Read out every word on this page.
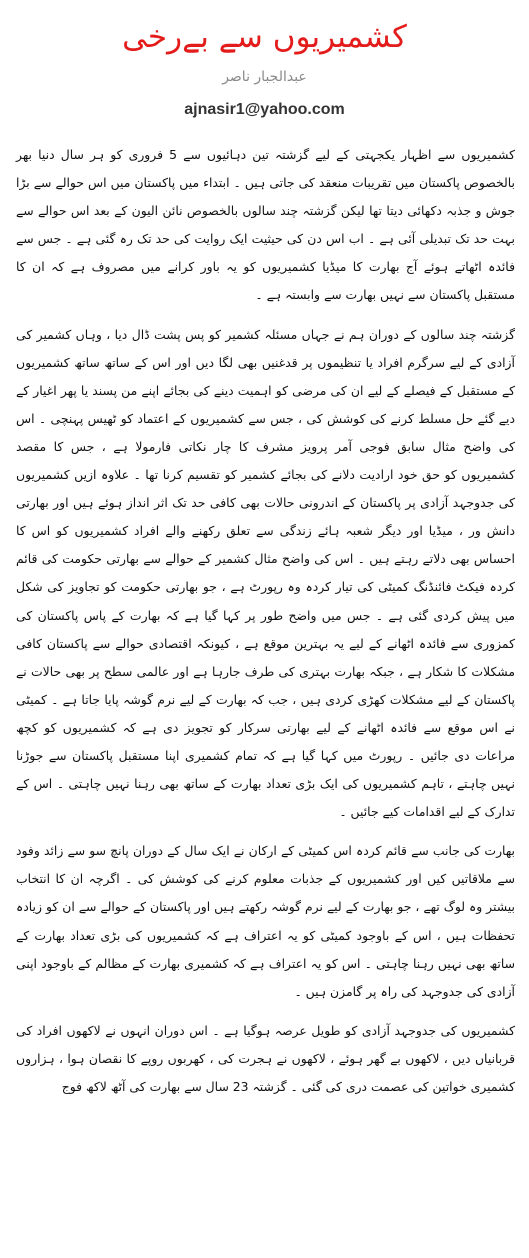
کشمیریوں سے بےرخی
عبدالجبار ناصر
ajnasir1@yahoo.com

کشمیریوں سے اظہار یکجہتی کے لیے گزشتہ تین دہائیوں سے 5 فروری کو ہر سال دنیا بھر بالخصوص پاکستان میں تقریبات منعقد کی جاتی ہیں ۔ ابتداء میں پاکستان میں اس حوالے سے بڑا جوش و جذبہ دکھائی دیتا تھا لیکن گزشتہ چند سالوں بالخصوص نائن الیون کے بعد اس حوالے سے بہت حد تک تبدیلی آئی ہے ۔ اب اس دن کی حیثیت ایک روایت کی حد تک رہ گئی ہے ۔ جس سے فائدہ اٹھاتے ہوئے آج بھارت کا میڈیا کشمیریوں کو یہ باور کرانے میں مصروف ہے کہ ان کا مستقبل پاکستان سے نہیں بھارت سے وابستہ ہے ۔

گزشتہ چند سالوں کے دوران ہم نے جہاں مسئلہ کشمیر کو پس پشت ڈال دیا ، وہاں کشمیر کی آزادی کے لیے سرگرم افراد یا تنظیموں پر قدغنیں بھی لگا دیں اور اس کے ساتھ ساتھ کشمیریوں کے مستقبل کے فیصلے کے لیے ان کی مرضی کو اہمیت دینے کی بجائے اپنے من پسند یا پھر اغیار کے دیے گئے حل مسلط کرنے کی کوشش کی ، جس سے کشمیریوں کے اعتماد کو ٹھیس پہنچی ۔ اس کی واضح مثال سابق فوجی آمر پرویز مشرف کا چار نکاتی فارمولا ہے ، جس کا مقصد کشمیریوں کو حق خود ارادیت دلانے کی بجائے کشمیر کو تقسیم کرنا تھا ۔ علاوہ ازیں کشمیریوں کی جدوجہد آزادی پر پاکستان کے اندرونی حالات بھی کافی حد تک اثر انداز ہوئے ہیں اور بھارتی دانش ور ، میڈیا اور دیگر شعبہ ہائے زندگی سے تعلق رکھنے والے افراد کشمیریوں کو اس کا احساس بھی دلاتے رہتے ہیں ۔ اس کی واضح مثال کشمیر کے حوالے سے بھارتی حکومت کی قائم کردہ فیکٹ فائنڈنگ کمیٹی کی تیار کردہ وہ رپورٹ ہے ، جو بھارتی حکومت کو تجاویز کی شکل میں پیش کردی گئی ہے ۔ جس میں واضح طور پر کہا گیا ہے کہ بھارت کے پاس پاکستان کی کمزوری سے فائدہ اٹھانے کے لیے یہ بہترین موقع ہے ، کیونکہ اقتصادی حوالے سے پاکستان کافی مشکلات کا شکار ہے ، جبکہ بھارت بہتری کی طرف جارہا ہے اور عالمی سطح پر بھی حالات نے پاکستان کے لیے مشکلات کھڑی کردی ہیں ، جب کہ بھارت کے لیے نرم گوشہ پایا جاتا ہے ۔ کمیٹی نے اس موقع سے فائدہ اٹھانے کے لیے بھارتی سرکار کو تجویز دی ہے کہ کشمیریوں کو کچھ مراعات دی جائیں ۔ رپورٹ میں کہا گیا ہے کہ تمام کشمیری اپنا مستقبل پاکستان سے جوڑنا نہیں چاہتے ، تاہم کشمیریوں کی ایک بڑی تعداد بھارت کے ساتھ بھی رہنا نہیں چاہتی ۔ اس کے تدارک کے لیے اقدامات کیے جائیں ۔

بھارت کی جانب سے قائم کردہ اس کمیٹی کے ارکان نے ایک سال کے دوران پانچ سو سے زائد وفود سے ملاقاتیں کیں اور کشمیریوں کے جذبات معلوم کرنے کی کوشش کی ۔ اگرچہ ان کا انتخاب بیشتر وہ لوگ تھے ، جو بھارت کے لیے نرم گوشہ رکھتے ہیں اور پاکستان کے حوالے سے ان کو زیادہ تحفظات ہیں ، اس کے باوجود کمیٹی کو یہ اعتراف ہے کہ کشمیریوں کی بڑی تعداد بھارت کے ساتھ بھی نہیں رہنا چاہتی ۔ اس کو یہ اعتراف ہے کہ کشمیری بھارت کے مظالم کے باوجود اپنی آزادی کی جدوجہد کی راہ پر گامزن ہیں ۔

کشمیریوں کی جدوجہد آزادی کو طویل عرصہ ہوگیا ہے ۔ اس دوران انہوں نے لاکھوں افراد کی قربانیاں دیں ، لاکھوں بے گھر ہوئے ، لاکھوں نے ہجرت کی ، کھربوں روپے کا نقصان ہوا ، ہزاروں کشمیری خواتین کی عصمت دری کی گئی ۔ گزشتہ 23 سال سے بھارت کی آٹھ لاکھ فوج
